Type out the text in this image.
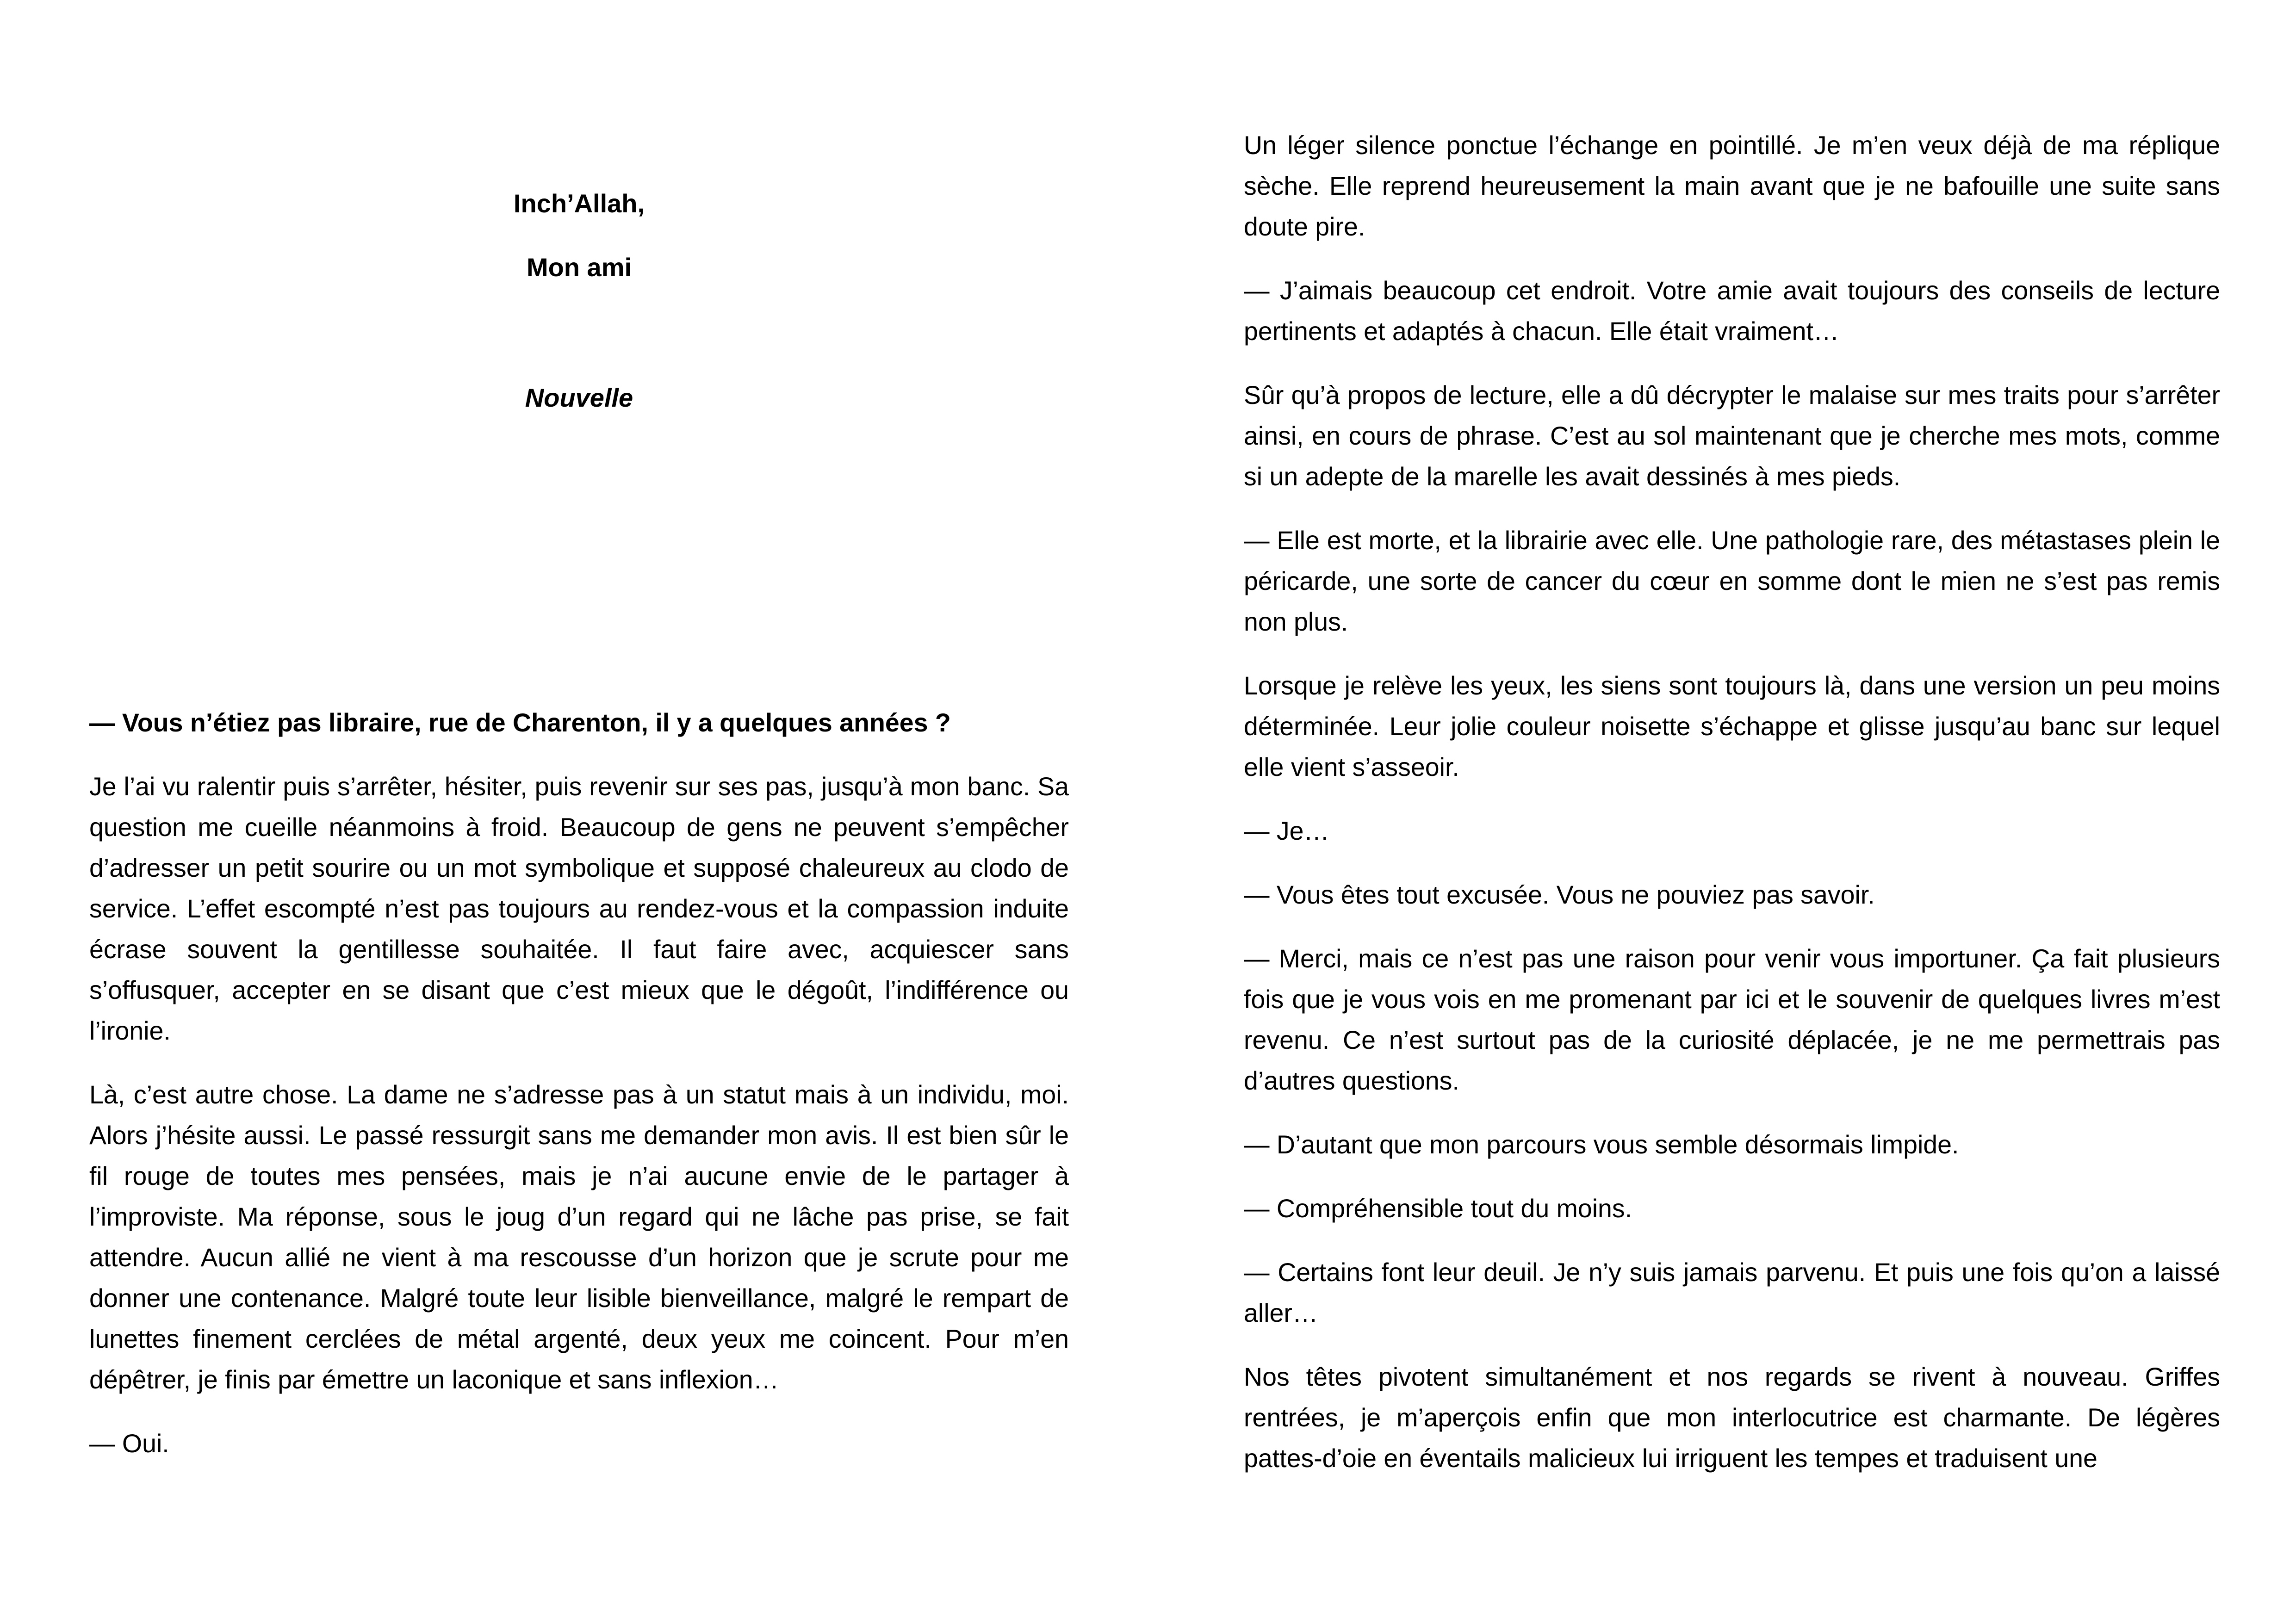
Inch’Allah,

Mon ami

Nouvelle

— Vous n’étiez pas libraire, rue de Charenton, il y a quelques années ?

Je l’ai vu ralentir puis s’arrêter, hésiter, puis revenir sur ses pas, jusqu’à mon banc. Sa question me cueille néanmoins à froid. Beaucoup de gens ne peuvent s’empêcher d’adresser un petit sourire ou un mot symbolique et supposé chaleureux au clodo de service. L’effet escompté n’est pas toujours au rendez-vous et la compassion induite écrase souvent la gentillesse souhaitée. Il faut faire avec, acquiescer sans s’offusquer, accepter en se disant que c’est mieux que le dégoût, l’indifférence ou l’ironie.

Là, c’est autre chose. La dame ne s’adresse pas à un statut mais à un individu, moi. Alors j’hésite aussi. Le passé ressurgit sans me demander mon avis. Il est bien sûr le fil rouge de toutes mes pensées, mais je n’ai aucune envie de le partager à l’improviste. Ma réponse, sous le joug d’un regard qui ne lâche pas prise, se fait attendre. Aucun allié ne vient à ma rescousse d’un horizon que je scrute pour me donner une contenance. Malgré toute leur lisible bienveillance, malgré le rempart de lunettes finement cerclées de métal argenté, deux yeux me coincent. Pour m’en dépêtrer, je finis par émettre un laconique et sans inflexion…

— Oui.

Un léger silence ponctue l’échange en pointillé. Je m’en veux déjà de ma réplique sèche. Elle reprend heureusement la main avant que je ne bafouille une suite sans doute pire.

— J’aimais beaucoup cet endroit. Votre amie avait toujours des conseils de lecture pertinents et adaptés à chacun. Elle était vraiment…

Sûr qu’à propos de lecture, elle a dû décrypter le malaise sur mes traits pour s’arrêter ainsi, en cours de phrase. C’est au sol maintenant que je cherche mes mots, comme si un adepte de la marelle les avait dessinés à mes pieds.

— Elle est morte, et la librairie avec elle. Une pathologie rare, des métastases plein le péricarde, une sorte de cancer du cœur en somme dont le mien ne s’est pas remis non plus.

Lorsque je relève les yeux, les siens sont toujours là, dans une version un peu moins déterminée. Leur jolie couleur noisette s’échappe et glisse jusqu’au banc sur lequel elle vient s’asseoir.

— Je…

— Vous êtes tout excusée. Vous ne pouviez pas savoir.

— Merci, mais ce n’est pas une raison pour venir vous importuner. Ça fait plusieurs fois que je vous vois en me promenant par ici et le souvenir de quelques livres m’est revenu. Ce n’est surtout pas de la curiosité déplacée, je ne me permettrais pas d’autres questions.

— D’autant que mon parcours vous semble désormais limpide.

— Compréhensible tout du moins.

— Certains font leur deuil. Je n’y suis jamais parvenu. Et puis une fois qu’on a laissé aller…

Nos têtes pivotent simultanément et nos regards se rivent à nouveau. Griffes rentrées, je m’aperçois enfin que mon interlocutrice est charmante. De légères pattes-d’oie en éventails malicieux lui irriguent les tempes et traduisent une
